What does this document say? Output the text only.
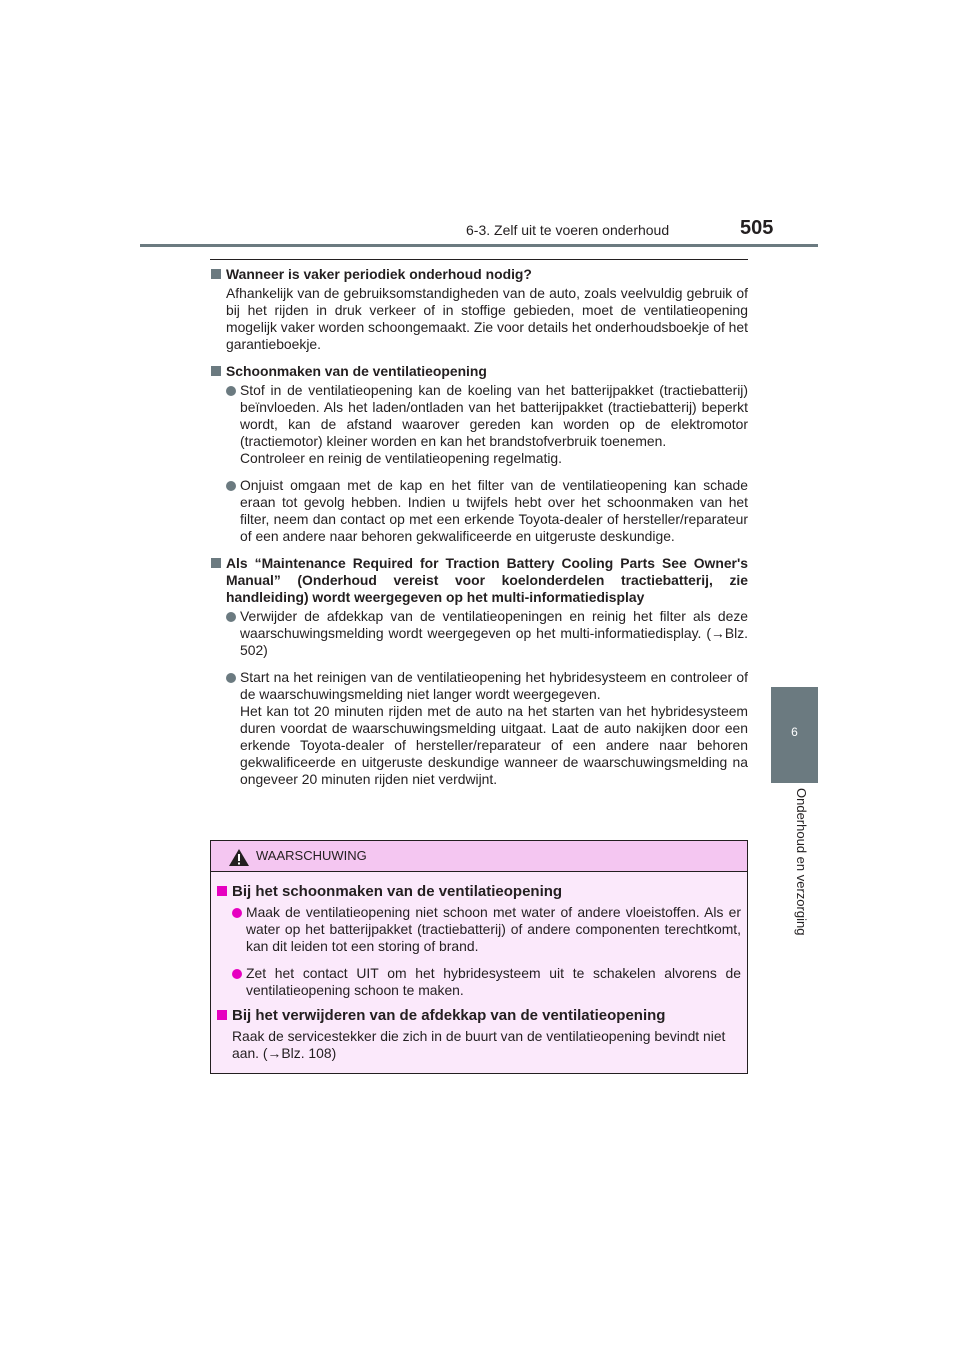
6-3. Zelf uit te voeren onderhoud	505
6
Onderhoud en verzorging

Wanneer is vaker periodiek onderhoud nodig?

Afhankelijk van de gebruiksomstandigheden van de auto, zoals veelvuldig gebruik of bij het rijden in druk verkeer of in stoffige gebieden, moet de ventilatieopening mogelijk vaker worden schoongemaakt. Zie voor details het onderhoudsboekje of het garantieboekje.

Schoonmaken van de ventilatieopening

Stof in de ventilatieopening kan de koeling van het batterijpakket (tractiebatterij) beïnvloeden. Als het laden/ontladen van het batterijpakket (tractiebatterij) beperkt wordt, kan de afstand waarover gereden kan worden op de elektromotor (tractiemotor) kleiner worden en kan het brandstofverbruik toenemen.
Controleer en reinig de ventilatieopening regelmatig.
Onjuist omgaan met de kap en het filter van de ventilatieopening kan schade eraan tot gevolg hebben. Indien u twijfels hebt over het schoonmaken van het filter, neem dan contact op met een erkende Toyota-dealer of hersteller/reparateur of een andere naar behoren gekwalificeerde en uitgeruste deskundige.

Als “Maintenance Required for Traction Battery Cooling Parts See Owner's Manual” (Onderhoud vereist voor koelonderdelen tractiebatterij, zie handleiding) wordt weergegeven op het multi-informatiedisplay

Verwijder de afdekkap van de ventilatieopeningen en reinig het filter als deze waarschuwingsmelding wordt weergegeven op het multi-informatiedisplay. (→Blz. 502)
Start na het reinigen van de ventilatieopening het hybridesysteem en controleer of de waarschuwingsmelding niet langer wordt weergegeven.
Het kan tot 20 minuten rijden met de auto na het starten van het hybridesysteem duren voordat de waarschuwingsmelding uitgaat. Laat de auto nakijken door een erkende Toyota-dealer of hersteller/reparateur of een andere naar behoren gekwalificeerde en uitgeruste deskundige wanneer de waarschuwingsmelding na ongeveer 20 minuten rijden niet verdwijnt.
WAARSCHUWING

Bij het schoonmaken van de ventilatieopening

Maak de ventilatieopening niet schoon met water of andere vloeistoffen. Als er water op het batterijpakket (tractiebatterij) of andere componenten terechtkomt, kan dit leiden tot een storing of brand.
Zet het contact UIT om het hybridesysteem uit te schakelen alvorens de ventilatieopening schoon te maken.

Bij het verwijderen van de afdekkap van de ventilatieopening

Raak de servicestekker die zich in de buurt van de ventilatieopening bevindt niet aan. (→Blz. 108)
